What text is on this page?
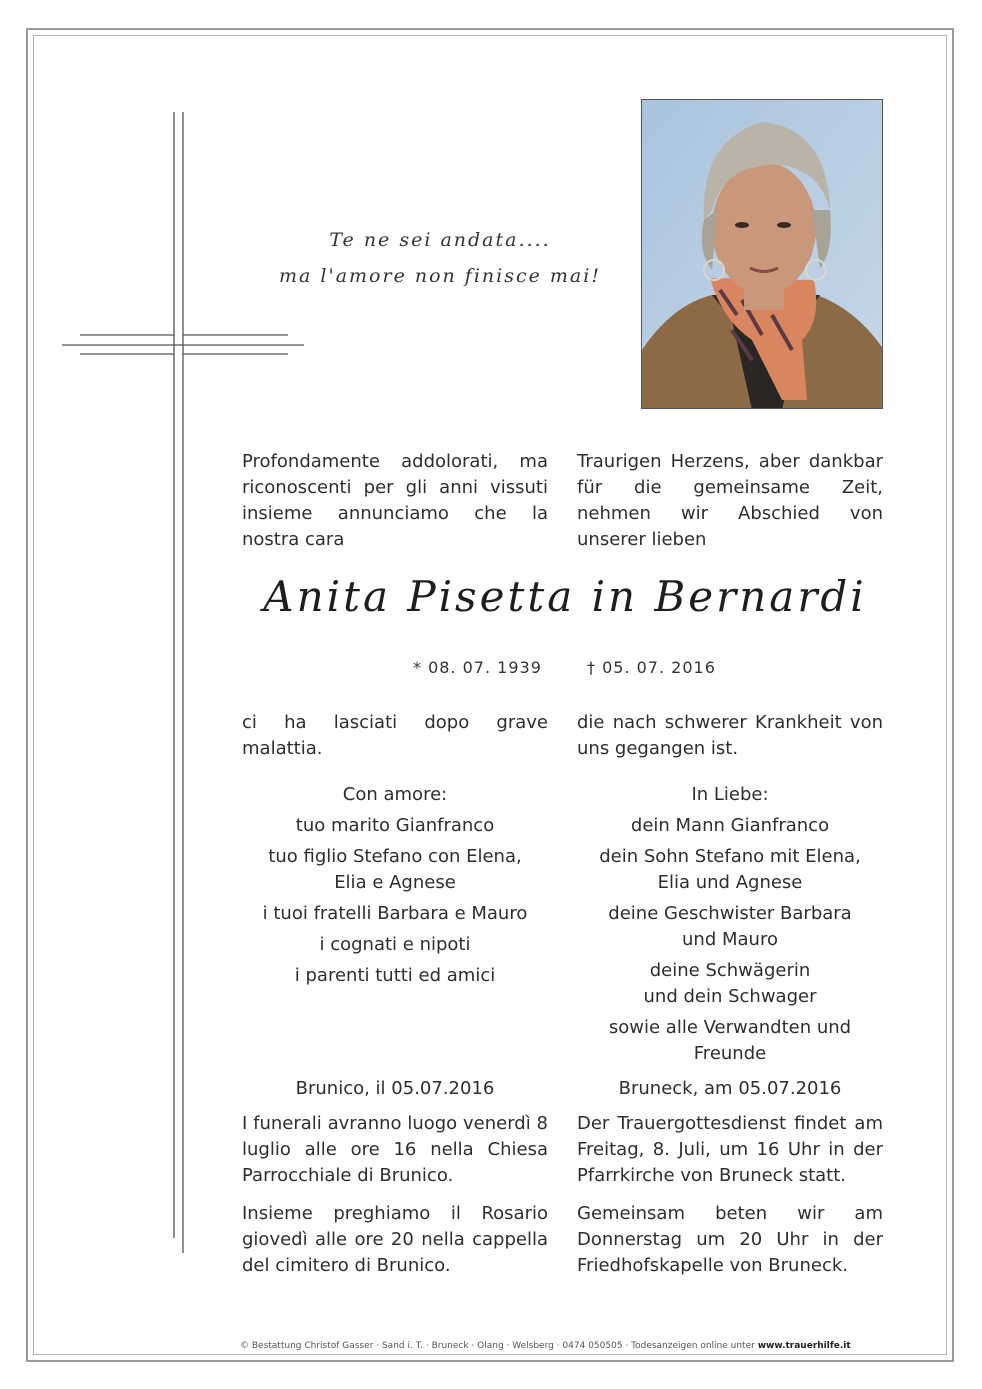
Te ne sei andata....
ma l'amore non finisce mai!
Profondamente addolorati, ma riconoscenti per gli anni vissuti insieme annunciamo che la nostra cara
Traurigen Herzens, aber dankbar für die gemeinsame Zeit, nehmen wir Abschied von unserer lieben
Anita Pisetta in Bernardi
* 08. 07. 1939	† 05. 07. 2016
ci ha lasciati dopo grave malattia.
die nach schwerer Krankheit von uns gegangen ist.
Con amore:
tuo marito Gianfranco
tuo figlio Stefano con Elena,
Elia e Agnese
i tuoi fratelli Barbara e Mauro
i cognati e nipoti
i parenti tutti ed amici
In Liebe:
dein Mann Gianfranco
dein Sohn Stefano mit Elena,
Elia und Agnese
deine Geschwister Barbara
und Mauro
deine Schwägerin
und dein Schwager
sowie alle Verwandten und
Freunde
Brunico, il 05.07.2016	Bruneck, am 05.07.2016
I funerali avranno luogo venerdì 8 luglio alle ore 16 nella Chiesa Parrocchiale di Brunico.
Der Trauergottesdienst findet am Freitag, 8. Juli, um 16 Uhr in der Pfarrkirche von Bruneck statt.
Insieme preghiamo il Rosario giovedì alle ore 20 nella cappella del cimitero di Brunico.
Gemeinsam beten wir am Donnerstag um 20 Uhr in der Friedhofskapelle von Bruneck.
© Bestattung Christof Gasser · Sand i. T. · Bruneck · Olang · Welsberg · 0474 050505 · Todesanzeigen online unter www.trauerhilfe.it
